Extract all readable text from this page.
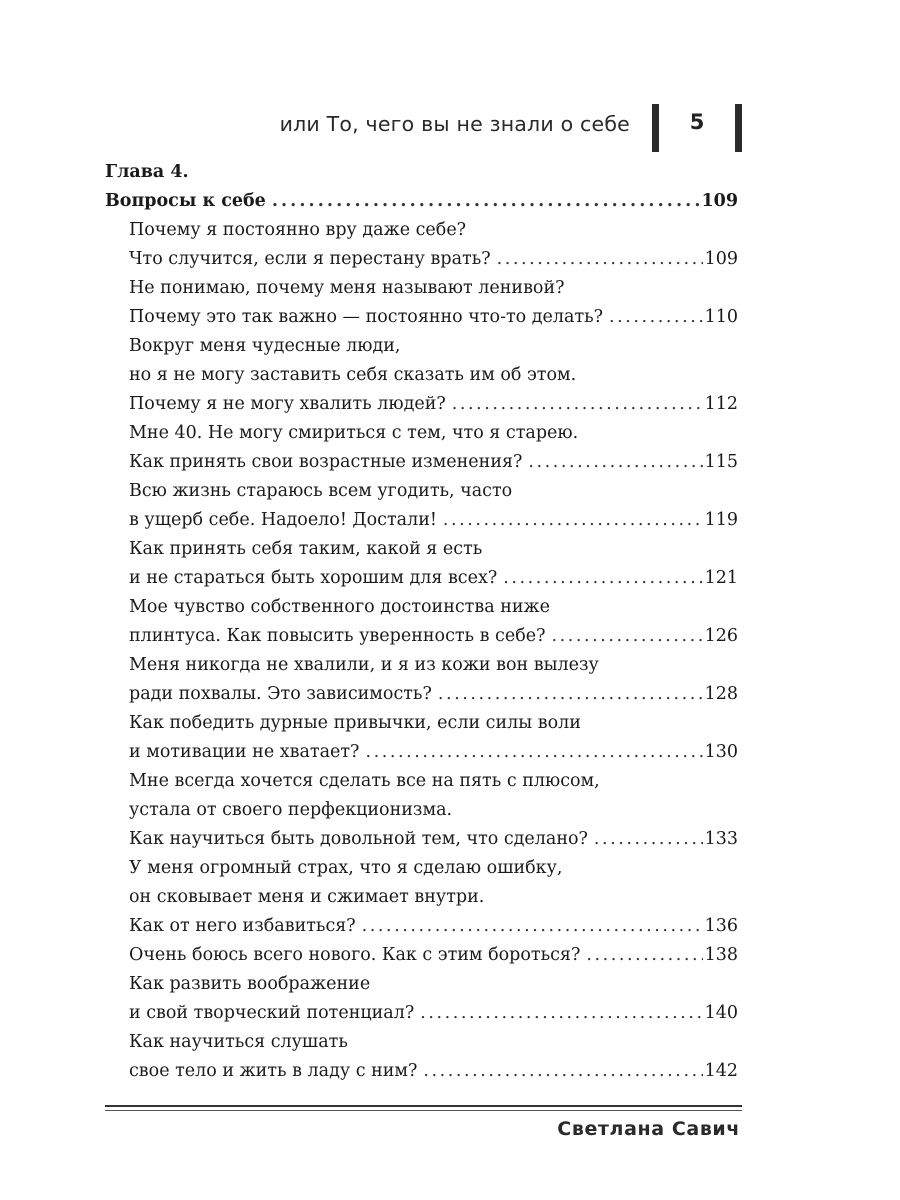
или То, чего вы не знали о себе	5
Глава 4.
Вопросы к себе . . .	109
Почему я постоянно вру даже себе?
Что случится, если я перестану врать? . . .	109
Не понимаю, почему меня называют ленивой?
Почему это так важно — постоянно что-то делать? . . .	110
Вокруг меня чудесные люди,
но я не могу заставить себя сказать им об этом.
Почему я не могу хвалить людей? . . .	112
Мне 40. Не могу смириться с тем, что я старею.
Как принять свои возрастные изменения? . . .	115
Всю жизнь стараюсь всем угодить, часто
в ущерб себе. Надоело! Достали! . . .	119
Как принять себя таким, какой я есть
и не стараться быть хорошим для всех? . . .	121
Мое чувство собственного достоинства ниже
плинтуса. Как повысить уверенность в себе? . . .	126
Меня никогда не хвалили, и я из кожи вон вылезу
ради похвалы. Это зависимость? . . .	128
Как победить дурные привычки, если силы воли
и мотивации не хватает? . . .	130
Мне всегда хочется сделать все на пять с плюсом,
устала от своего перфекционизма.
Как научиться быть довольной тем, что сделано? . . .	133
У меня огромный страх, что я сделаю ошибку,
он сковывает меня и сжимает внутри.
Как от него избавиться? . . .	136
Очень боюсь всего нового. Как с этим бороться? . . .	138
Как развить воображение
и свой творческий потенциал? . . .	140
Как научиться слушать
свое тело и жить в ладу с ним? . . .	142
Светлана Савич
